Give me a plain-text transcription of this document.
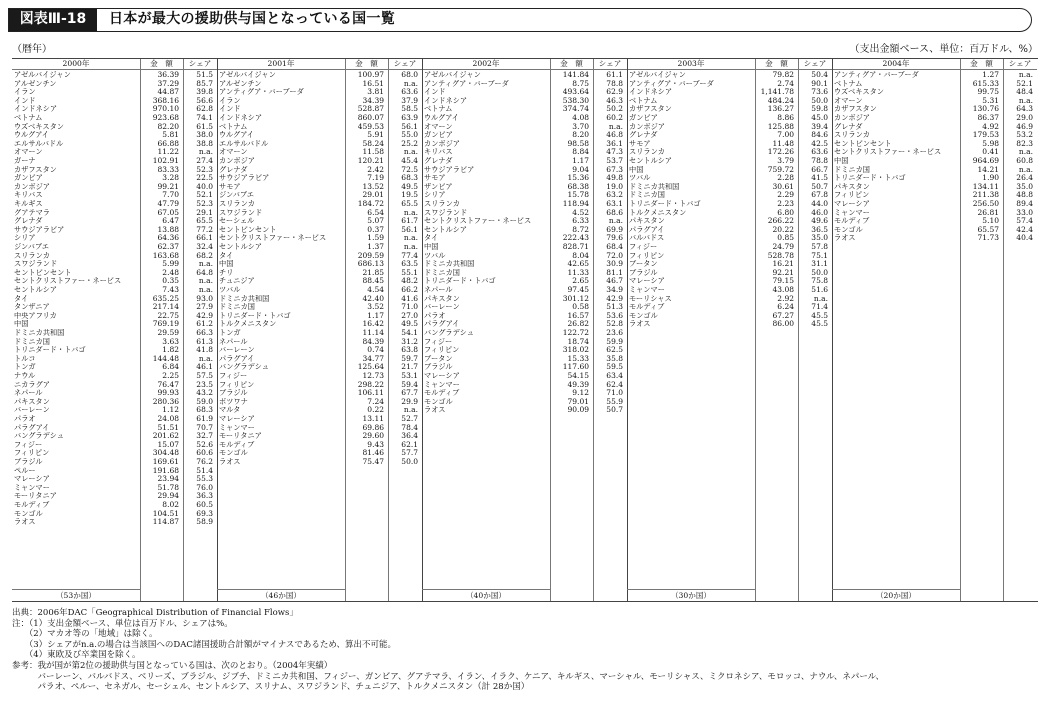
図表Ⅲ-18	日本が最大の援助供与国となっている国一覧
（暦年）	（支出金額ベース、単位：百万ドル、%）
2000年	金　額	シェア
アゼルバイジャン	36.39	51.5
アルゼンチン	37.29	85.7
イラン	44.87	39.8
インド	368.16	56.6
インドネシア	970.10	62.8
ベトナム	923.68	74.1
ウズベキスタン	82.20	61.5
ウルグアイ	5.81	38.0
エルサルバドル	66.88	38.8
オマーン	11.22	n.a.
ガーナ	102.91	27.4
カザフスタン	83.33	52.3
ガンビア	3.28	22.5
カンボジア	99.21	40.0
キリバス	7.70	52.1
キルギス	47.79	52.3
グアテマラ	67.05	29.1
グレナダ	6.47	65.5
サウジアラビア	13.88	77.2
シリア	64.36	66.1
ジンバブエ	62.37	32.4
スリランカ	163.68	68.2
スワジランド	5.99	n.a.
セントビンセント	2.48	64.8
セントクリストファー・ネービス	0.35	n.a.
セントルシア	7.43	n.a.
タイ	635.25	93.0
タンザニア	217.14	27.9
中央アフリカ	22.75	42.9
中国	769.19	61.2
ドミニカ共和国	29.59	66.3
ドミニカ国	3.63	61.3
トリニダード・トバゴ	1.82	41.8
トルコ	144.48	n.a.
トンガ	6.84	46.1
ナウル	2.25	57.5
ニカラグア	76.47	23.5
ネパール	99.93	43.2
パキスタン	280.36	59.0
バーレーン	1.12	68.3
パラオ	24.08	61.9
パラグアイ	51.51	70.7
バングラデシュ	201.62	32.7
フィジー	15.07	52.6
フィリピン	304.48	60.6
ブラジル	169.61	76.2
ペルー	191.68	51.4
マレーシア	23.94	55.3
ミャンマー	51.78	76.0
モーリタニア	29.94	36.3
モルディブ	8.02	60.5
モンゴル	104.51	69.3
ラオス	114.87	58.9
（53か国）
2001年	金　額	シェア
アゼルバイジャン	100.97	68.0
アルゼンチン	16.51	n.a.
アンティグア・バーブーダ	3.81	63.6
イラン	34.39	37.9
インド	528.87	58.5
インドネシア	860.07	63.9
ベトナム	459.53	56.1
ウルグアイ	5.91	55.0
エルサルバドル	58.24	25.2
オマーン	11.58	n.a.
カンボジア	120.21	45.4
グレナダ	2.42	72.5
サウジアラビア	7.19	68.3
サモア	13.52	49.5
ジンバブエ	29.01	19.5
スリランカ	184.72	65.5
スワジランド	6.54	n.a.
セーシェル	5.07	61.7
セントビンセント	0.37	56.1
セントクリストファー・ネービス	1.59	n.a.
セントルシア	1.37	n.a.
タイ	209.59	77.4
中国	686.13	63.5
チリ	21.85	55.1
チュニジア	88.45	48.2
ツバル	4.54	66.2
ドミニカ共和国	42.40	41.6
ドミニカ国	3.52	71.0
トリニダード・トバゴ	1.17	27.0
トルクメニスタン	16.42	49.5
トンガ	11.14	54.1
ネパール	84.39	31.2
バーレーン	0.74	63.8
パラグアイ	34.77	59.7
バングラデシュ	125.64	21.7
フィジー	12.73	53.1
フィリピン	298.22	59.4
ブラジル	106.11	67.7
ボツワナ	7.24	29.9
マルタ	0.22	n.a.
マレーシア	13.11	52.7
ミャンマー	69.86	78.4
モーリタニア	29.60	36.4
モルディブ	9.43	62.1
モンゴル	81.46	57.7
ラオス	75.47	50.0
（46か国）
2002年	金　額	シェア
アゼルバイジャン	141.84	61.1
アンティグア・バーブーダ	8.75	78.8
インド	493.64	62.9
インドネシア	538.30	46.3
ベトナム	374.74	50.2
ウルグアイ	4.08	60.2
オマーン	3.70	n.a.
ガンビア	8.20	46.8
カンボジア	98.58	36.1
キリバス	8.84	47.3
グレナダ	1.17	53.7
サウジアラビア	9.04	67.3
サモア	15.36	49.8
ザンビア	68.38	19.0
シリア	15.78	63.2
スリランカ	118.94	63.1
スワジランド	4.52	68.6
セントクリストファー・ネービス	6.33	n.a.
セントルシア	8.72	69.9
タイ	222.43	79.6
中国	828.71	68.4
ツバル	8.04	72.0
ドミニカ共和国	42.65	30.9
ドミニカ国	11.33	81.1
トリニダード・トバゴ	2.65	46.7
ネパール	97.45	34.9
パキスタン	301.12	42.9
バーレーン	0.58	51.3
パラオ	16.57	53.6
パラグアイ	26.82	52.8
バングラデシュ	122.72	23.6
フィジー	18.74	59.9
フィリピン	318.02	62.5
ブータン	15.33	35.8
ブラジル	117.60	59.5
マレーシア	54.15	63.4
ミャンマー	49.39	62.4
モルディブ	9.12	71.0
モンゴル	79.01	55.9
ラオス	90.09	50.7
（40か国）
2003年	金　額	シェア
アゼルバイジャン	79.82	50.4
アンティグア・バーブーダ	2.74	90.1
インドネシア	1,141.78	73.6
ベトナム	484.24	50.0
カザフスタン	136.27	59.8
ガンビア	8.86	45.0
カンボジア	125.88	39.4
グレナダ	7.00	84.6
サモア	11.48	42.5
スリランカ	172.26	63.6
セントルシア	3.79	78.8
中国	759.72	66.7
ツバル	2.28	41.5
ドミニカ共和国	30.61	50.7
ドミニカ国	2.29	67.8
トリニダード・トバゴ	2.23	44.0
トルクメニスタン	6.80	46.0
パキスタン	266.22	49.6
パラグアイ	20.22	36.5
バルバドス	0.85	35.0
フィジー	24.79	57.8
フィリピン	528.78	75.1
ブータン	16.21	31.1
ブラジル	92.21	50.0
マレーシア	79.15	75.8
ミャンマー	43.08	51.6
モーリシャス	2.92	n.a.
モルディブ	6.24	71.4
モンゴル	67.27	45.5
ラオス	86.00	45.5
（30か国）
2004年	金　額	シェア
アンティグア・バーブーダ	1.27	n.a.
ベトナム	615.33	52.1
ウズベキスタン	99.75	48.4
オマーン	5.31	n.a.
カザフスタン	130.76	64.3
カンボジア	86.37	29.0
グレナダ	4.92	46.9
スリランカ	179.53	53.2
セントビンセント	5.98	82.3
セントクリストファー・ネービス	0.41	n.a.
中国	964.69	60.8
ドミニカ国	14.21	n.a.
トリニダード・トバゴ	1.90	26.4
パキスタン	134.11	35.0
フィリピン	211.38	48.8
マレーシア	256.50	89.4
ミャンマー	26.81	33.0
モルディブ	5.10	57.4
モンゴル	65.57	42.4
ラオス	71.73	40.4
（20か国）
出典：2006年DAC「Geographical Distribution of Financial Flows」
注：（1）支出金額ベース、単位は百万ドル、シェアは%。
　　（2）マカオ等の「地域」は除く。
　　（3）シェアがn.a.の場合は当該国へのDAC諸国援助合計額がマイナスであるため、算出不可能。
　　（4）東欧及び卒業国を除く。
参考：我が国が第2位の援助供与国となっている国は、次のとおり。（2004年実績）
　　　バーレーン、バルバドス、ベリーズ、ブラジル、ジブチ、ドミニカ共和国、フィジー、ガンビア、グアテマラ、イラン、イラク、ケニア、キルギス、マーシャル、モーリシャス、ミクロネシア、モロッコ、ナウル、ネパール、
　　　パラオ、ペルー、セネガル、セーシェル、セントルシア、スリナム、スワジランド、チュニジア、トルクメニスタン（計 28か国）
